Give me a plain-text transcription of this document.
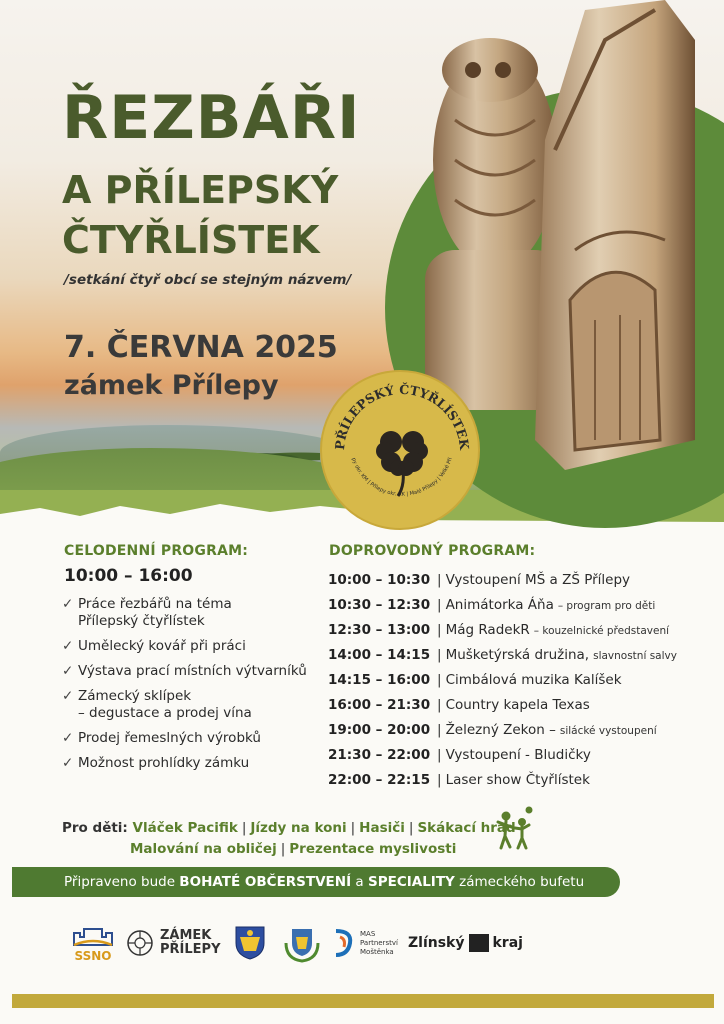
PŘÍLEPSKÝ ČTYŘLÍSTEK
py okr. KM | Přílepy okr. RK | Malé Přílepy | Velké Pří
ŘEZBÁŘI
A PŘÍLEPSKÝ
ČTYŘLÍSTEK
/setkání čtyř obcí se stejným názvem/
7. ČERVNA 2025
zámek Přílepy
CELODENNÍ PROGRAM:
10:00 – 16:00
✓ Práce řezbářů na téma
Přílepský čtyřlístek
✓ Umělecký kovář při práci
✓ Výstava prací místních výtvarníků
✓ Zámecký sklípek
– degustace a prodej vína
✓ Prodej řemeslných výrobků
✓ Možnost prohlídky zámku
DOPROVODNÝ PROGRAM:
10:00 – 10:30 | Vystoupení MŠ a ZŠ Přílepy
10:30 – 12:30 | Animátorka Áňa – program pro děti
12:30 – 13:00 | Mág RadekR – kouzelnické představení
14:00 – 14:15 | Mušketýrská družina, slavnostní salvy
14:15 – 16:00 | Cimbálová muzika Kalíšek
16:00 – 21:30 | Country kapela Texas
19:00 – 20:00 | Železný Zekon – silácké vystoupení
21:30 – 22:00 | Vystoupení - Bludičky
22:00 – 22:15 | Laser show Čtyřlístek
Pro děti: Vláček Pacifik | Jízdy na koni | Hasiči | Skákací hrad
Malování na obličej | Prezentace myslivosti
Připraveno bude
BOHATÉ OBČERSTVENÍ
a
SPECIALITY
zámeckého bufetu
SSNO
ZÁMEK
PŘÍLEPY
MAS
Partnerství
Moštěnka
Zlínský kraj
